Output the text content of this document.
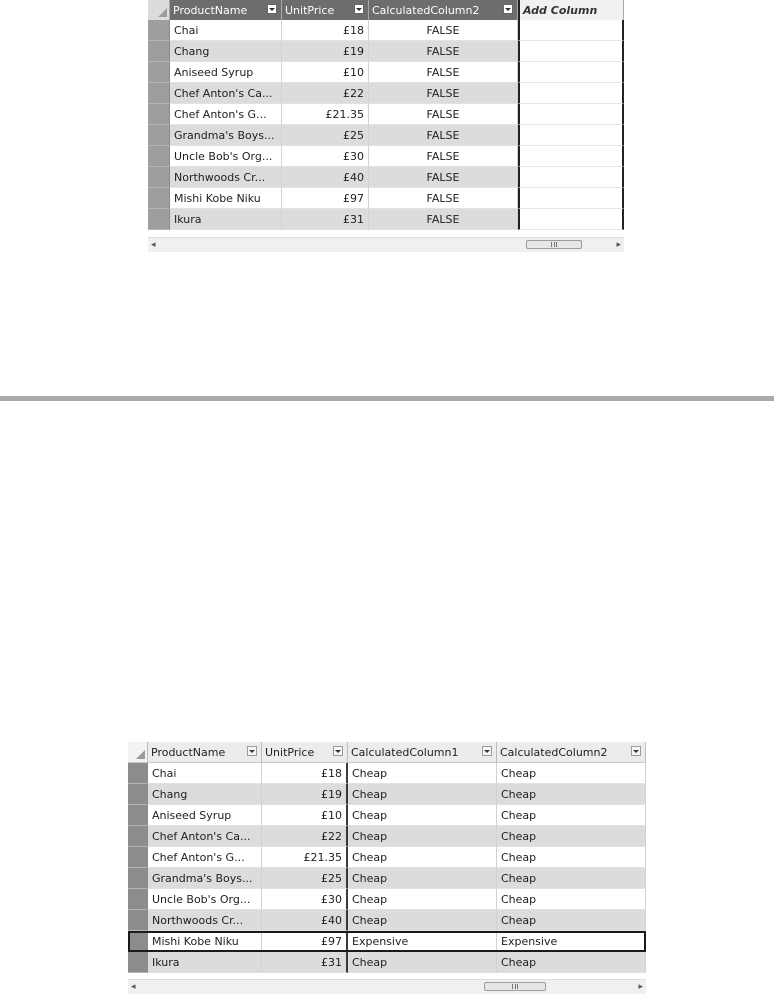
ProductName	UnitPrice	CalculatedColumn2	Add Column
Chai	£18	FALSE
Chang	£19	FALSE
Aniseed Syrup	£10	FALSE
Chef Anton's Ca...	£22	FALSE
Chef Anton's G...	£21.35	FALSE
Grandma's Boys...	£25	FALSE
Uncle Bob's Org...	£30	FALSE
Northwoods Cr...	£40	FALSE
Mishi Kobe Niku	£97	FALSE
Ikura	£31	FALSE
◂	▸
ProductName	UnitPrice	CalculatedColumn1	CalculatedColumn2
Chai	£18 Cheap	Cheap
Chang	£19 Cheap	Cheap
Aniseed Syrup	£10 Cheap	Cheap
Chef Anton's Ca...	£22 Cheap	Cheap
Chef Anton's G...	£21.35 Cheap	Cheap
Grandma's Boys...	£25 Cheap	Cheap
Uncle Bob's Org...	£30 Cheap	Cheap
Northwoods Cr...	£40 Cheap	Cheap
Mishi Kobe Niku	£97 Expensive	Expensive
Ikura	£31 Cheap	Cheap
◂	▸
